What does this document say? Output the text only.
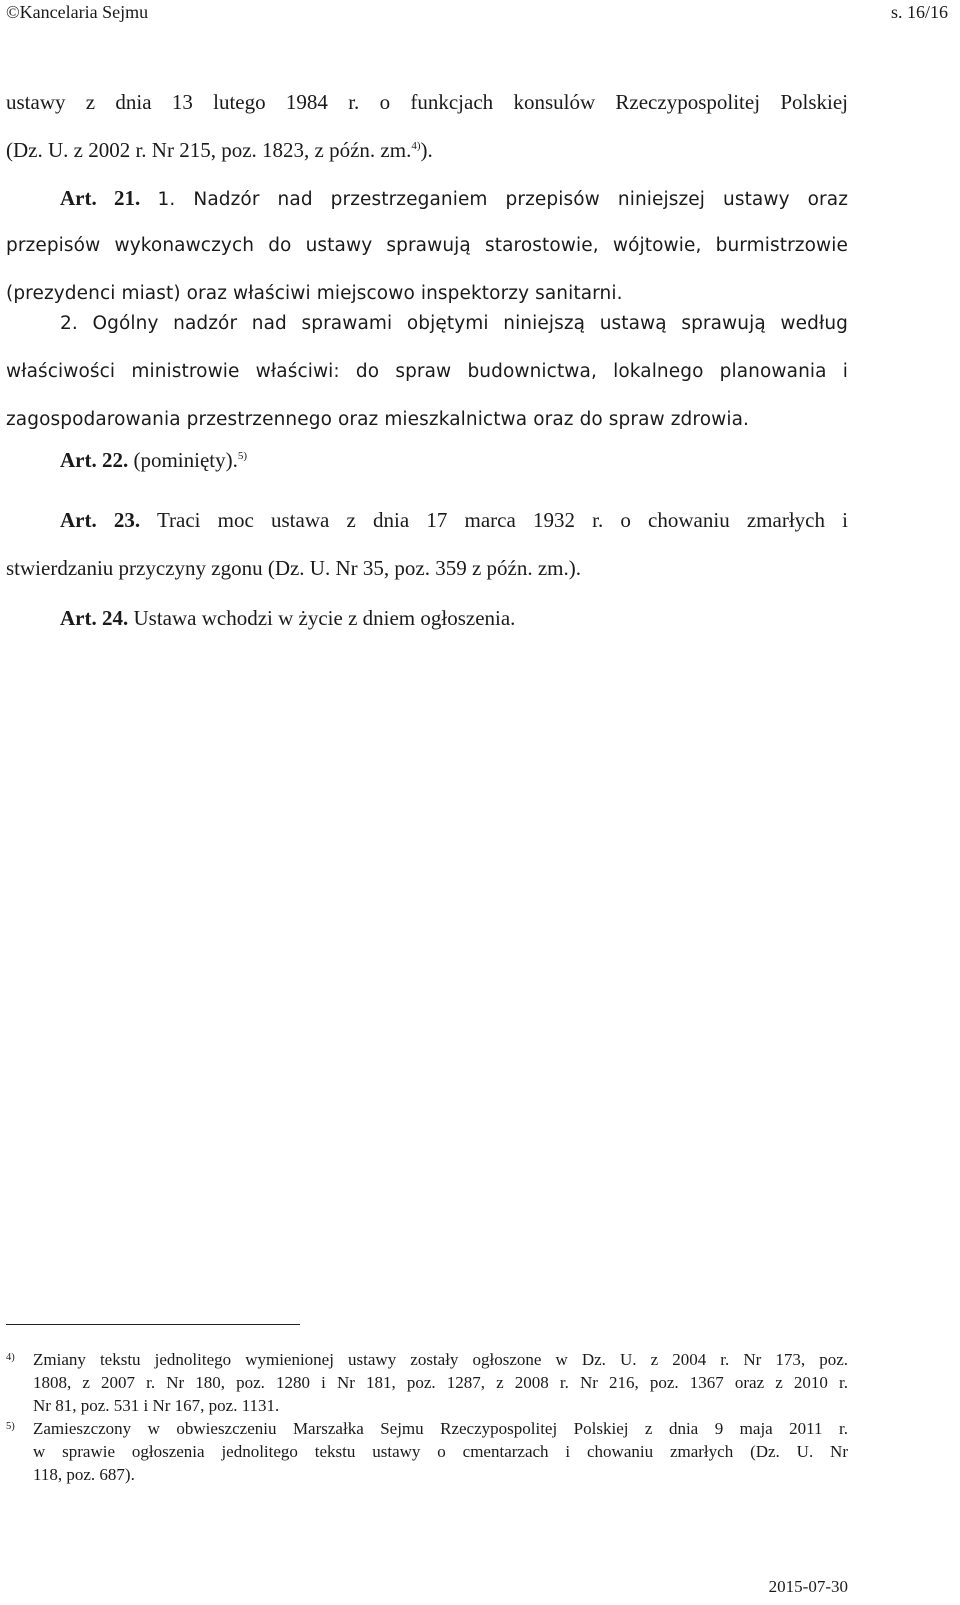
©Kancelaria Sejmu	s. 16/16
ustawy z dnia 13 lutego 1984 r. o funkcjach konsulów Rzeczypospolitej Polskiej
(Dz. U. z 2002 r. Nr 215, poz. 1823, z późn. zm.$^{4)}$).
Art. 21. 1. Nadzór nad przestrzeganiem przepisów niniejszej ustawy oraz
przepisów wykonawczych do ustawy sprawują starostowie, wójtowie, burmistrzowie
(prezydenci miast) oraz właściwi miejscowo inspektorzy sanitarni.
2. Ogólny nadzór nad sprawami objętymi niniejszą ustawą sprawują według
właściwości ministrowie właściwi: do spraw budownictwa, lokalnego planowania i
zagospodarowania przestrzennego oraz mieszkalnictwa oraz do spraw zdrowia.
Art. 22. (pominięty).$^{5)}$
Art. 23. Traci moc ustawa z dnia 17 marca 1932 r. o chowaniu zmarłych i
stwierdzaniu przyczyny zgonu (Dz. U. Nr 35, poz. 359 z późn. zm.).
Art. 24. Ustawa wchodzi w życie z dniem ogłoszenia.
4) Zmiany tekstu jednolitego wymienionej ustawy zostały ogłoszone w Dz. U. z 2004 r. Nr 173, poz.
1808, z 2007 r. Nr 180, poz. 1280 i Nr 181, poz. 1287, z 2008 r. Nr 216, poz. 1367 oraz z 2010 r.
Nr 81, poz. 531 i Nr 167, poz. 1131.
5) Zamieszczony w obwieszczeniu Marszałka Sejmu Rzeczypospolitej Polskiej z dnia 9 maja 2011 r.
w sprawie ogłoszenia jednolitego tekstu ustawy o cmentarzach i chowaniu zmarłych (Dz. U. Nr
118, poz. 687).
2015-07-30
